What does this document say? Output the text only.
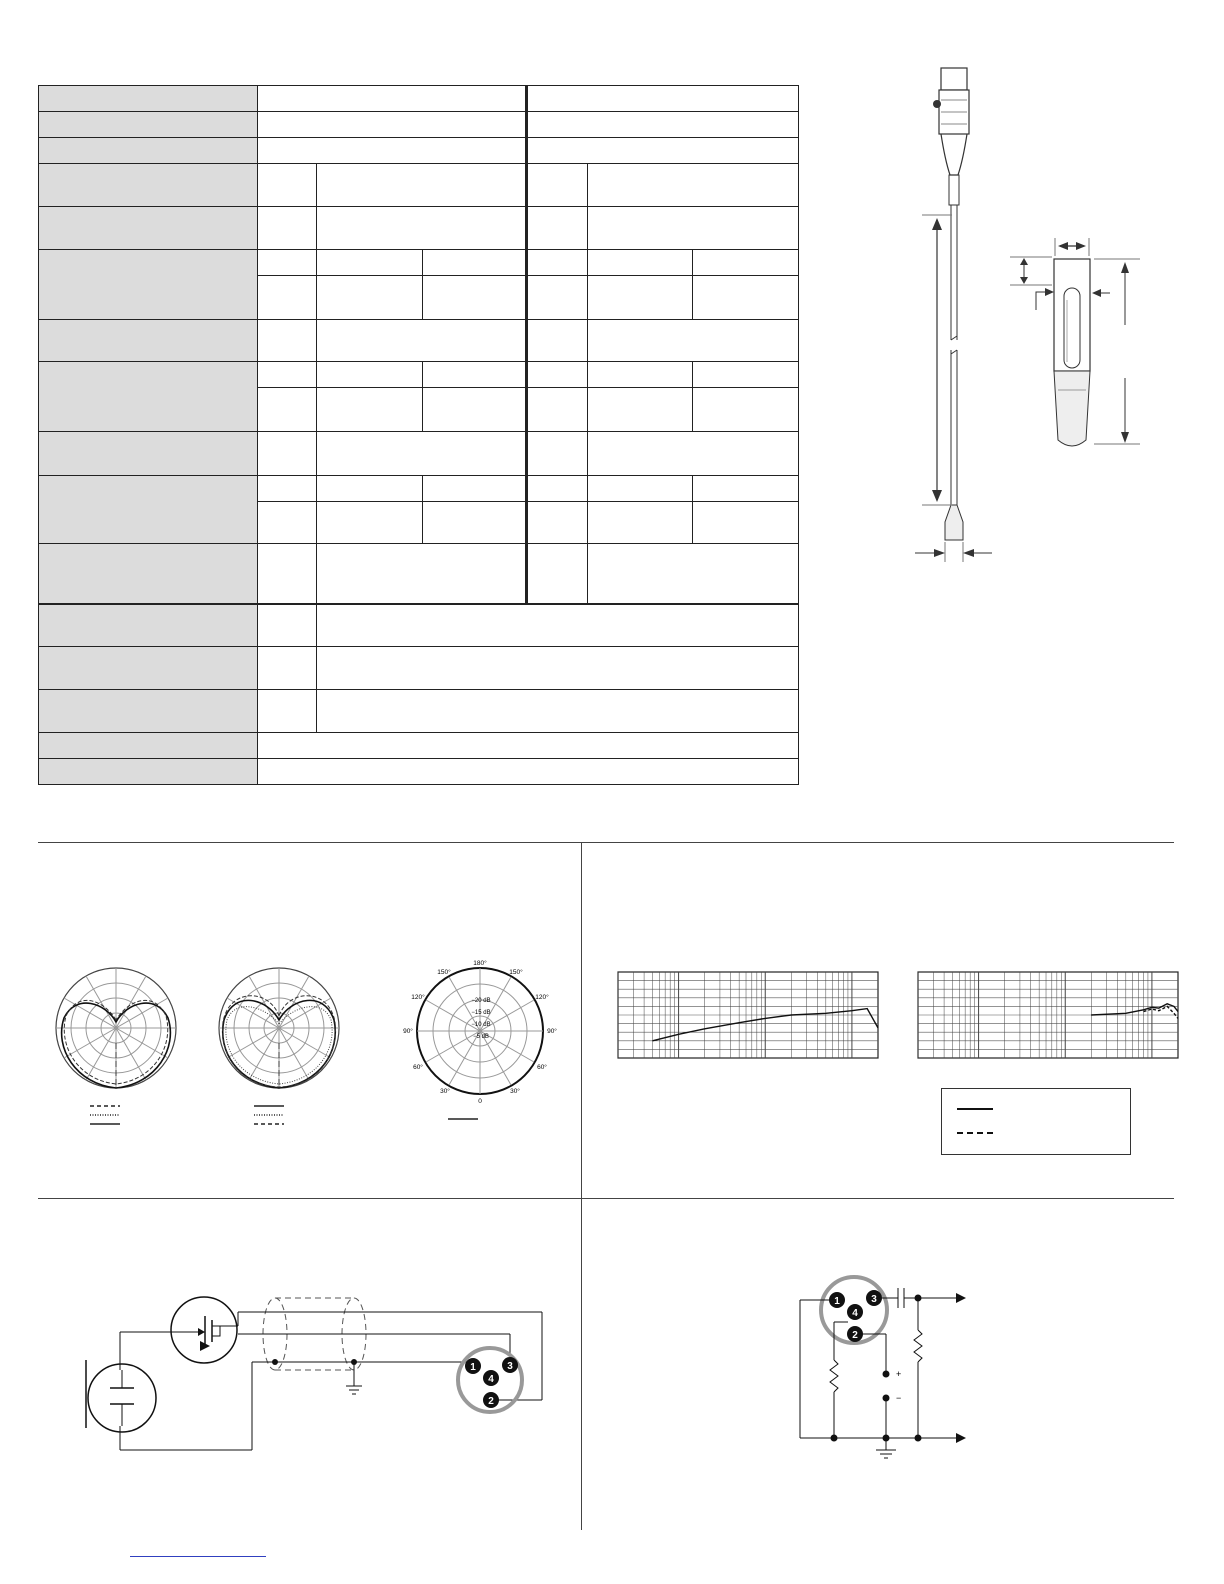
180°
150°	150°
120°	120°
90°	90°
60°	60°
30°	30°
0
−20 dB
−15 dB
−10 dB
−5 dB
1
4
3
2
1
4
3
2
+
−
